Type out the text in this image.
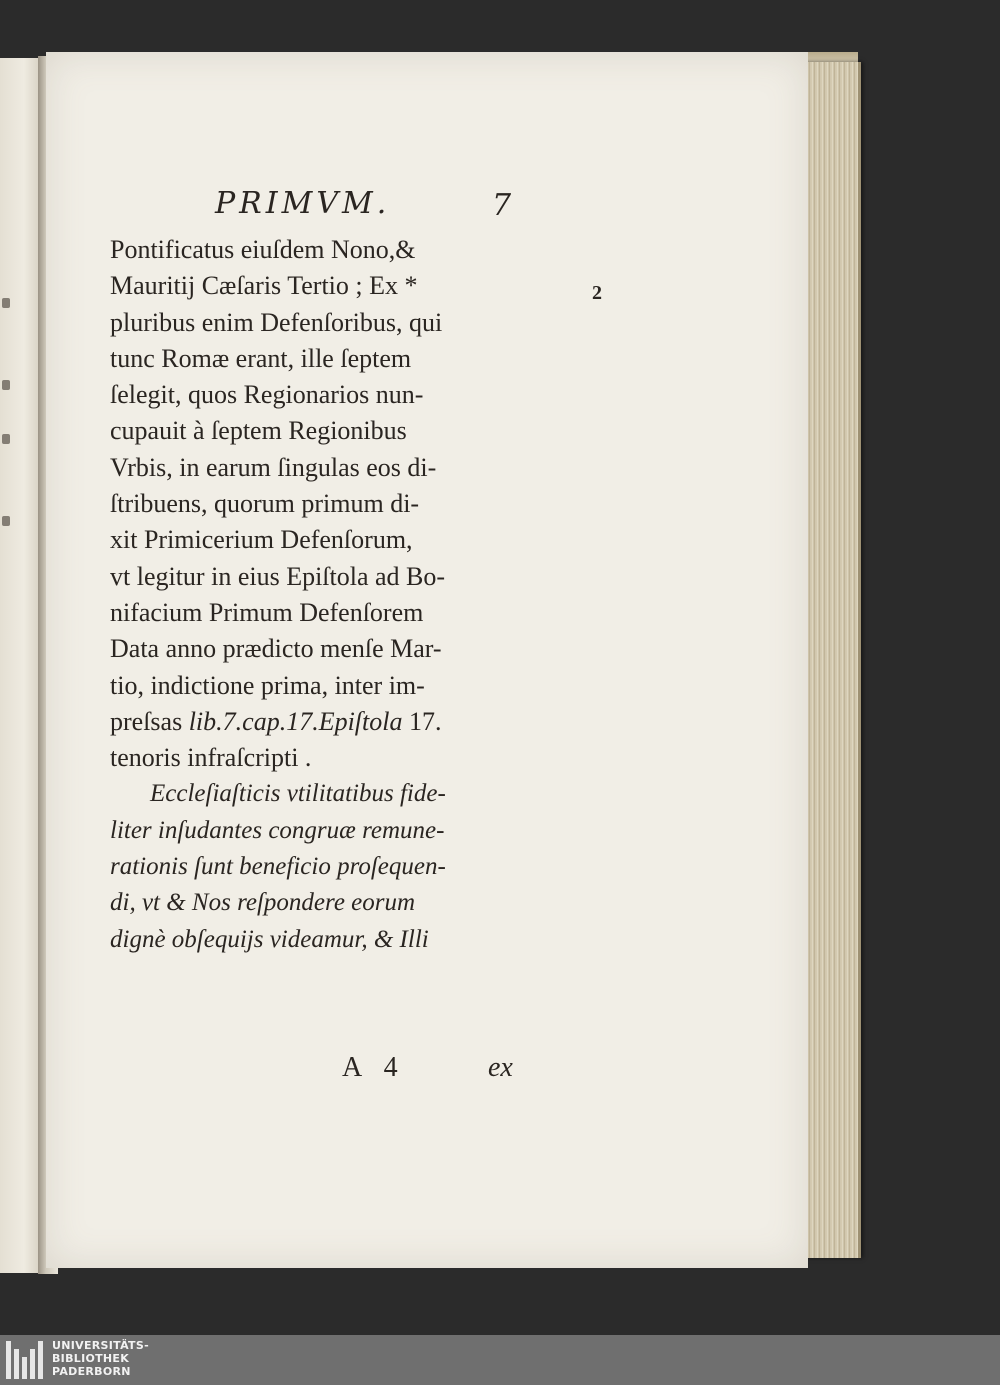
PRIMVM.	7
2
Pontificatus eiuſdem Nono,&
Mauritij Cæſaris Tertio ; Ex *
pluribus enim Defenſoribus, qui
tunc Romæ erant, ille ſeptem
ſelegit, quos Regionarios nun-
cupauit à ſeptem Regionibus
Vrbis, in earum ſingulas eos di-
ſtribuens, quorum primum di-
xit Primicerium Defenſorum,
vt legitur in eius Epiſtola ad Bo-
nifacium Primum Defenſorem
Data anno prædicto menſe Mar-
tio, indictione prima, inter im-
preſsas lib.7.cap.17.Epiſtola 17.
tenoris infraſcripti .
Eccleſiaſticis vtilitatibus fide-
liter inſudantes congruæ remune-
rationis ſunt beneficio proſequen-
di, vt & Nos reſpondere eorum
dignè obſequijs videamur, & Illi
A 4	ex
UNIVERSITÄTS-
BIBLIOTHEK
PADERBORN
